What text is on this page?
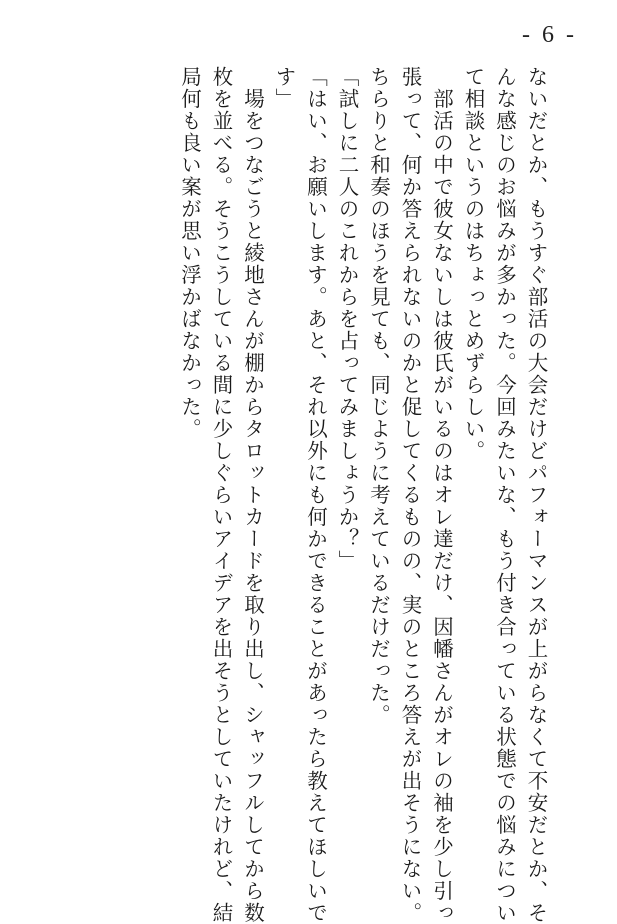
- 6 -

ないだとか、もうすぐ部活の大会だけどパフォーマンスが上がらなくて不安だとか、そ

んな感じのお悩みが多かった。今回みたいな、もう付き合っている状態での悩みについ

て相談というのはちょっとめずらしい。

　部活の中で彼女ないしは彼氏がいるのはオレ達だけ、因幡さんがオレの袖を少し引っ

張って、何か答えられないのかと促してくるものの、実のところ答えが出そうにない。

ちらりと和奏のほうを見ても、同じように考えているだけだった。

「試しに二人のこれからを占ってみましょうか？」

「はい、お願いします。あと、それ以外にも何かできることがあったら教えてほしいで

す」

　場をつなごうと綾地さんが棚からタロットカードを取り出し、シャッフルしてから数

枚を並べる。そうこうしている間に少しぐらいアイデアを出そうとしていたけれど、結

局何も良い案が思い浮かばなかった。
